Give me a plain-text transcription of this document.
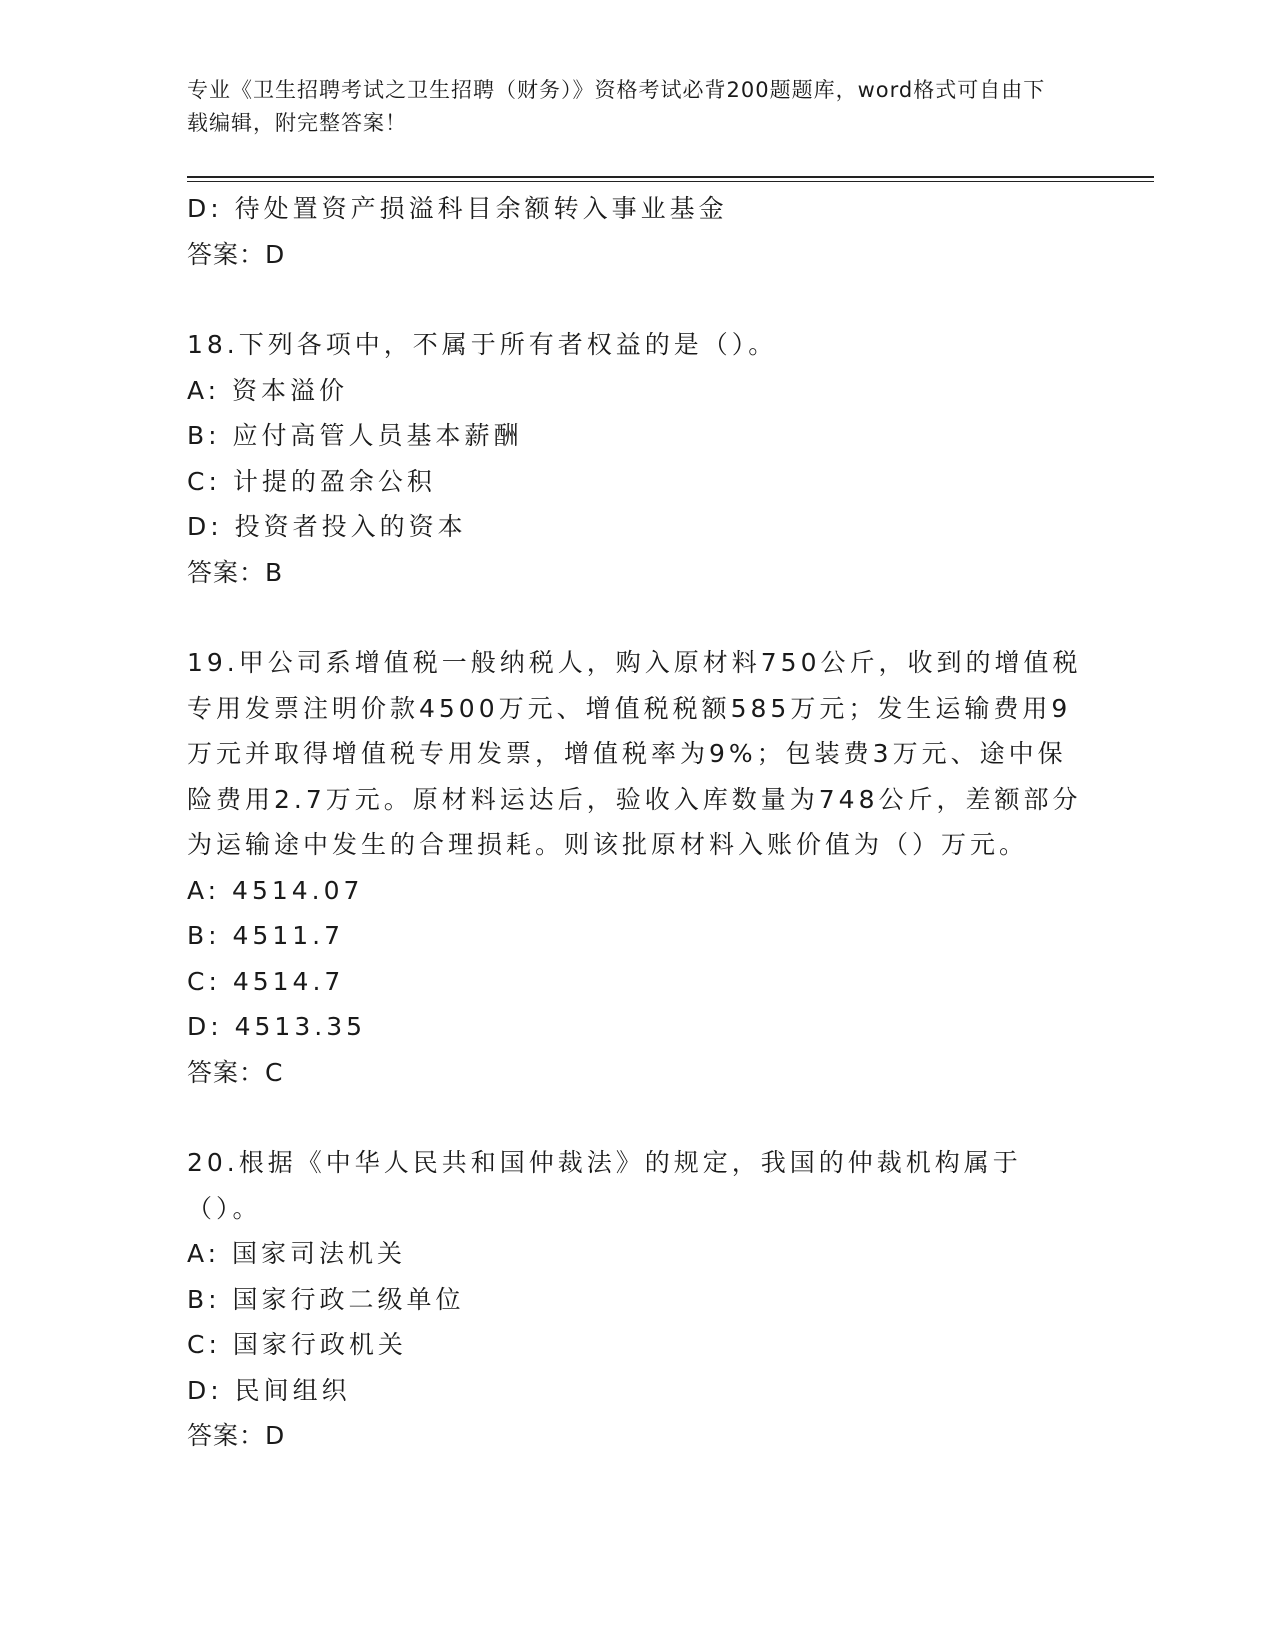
专业《卫生招聘考试之卫生招聘（财务）》资格考试必背200题题库，word格式可自由下载编辑，附完整答案！
D: 待处置资产损溢科目余额转入事业基金
答案：D
18.下列各项中，不属于所有者权益的是（）。
A: 资本溢价
B: 应付高管人员基本薪酬
C: 计提的盈余公积
D: 投资者投入的资本
答案：B
19.甲公司系增值税一般纳税人，购入原材料750公斤，收到的增值税专用发票注明价款4500万元、增值税税额585万元；发生运输费用9万元并取得增值税专用发票，增值税率为9%；包装费3万元、途中保险费用2.7万元。原材料运达后，验收入库数量为748公斤，差额部分为运输途中发生的合理损耗。则该批原材料入账价值为（）万元。
A: 4514.07
B: 4511.7
C: 4514.7
D: 4513.35
答案：C
20.根据《中华人民共和国仲裁法》的规定，我国的仲裁机构属于（）。
A: 国家司法机关
B: 国家行政二级单位
C: 国家行政机关
D: 民间组织
答案：D
